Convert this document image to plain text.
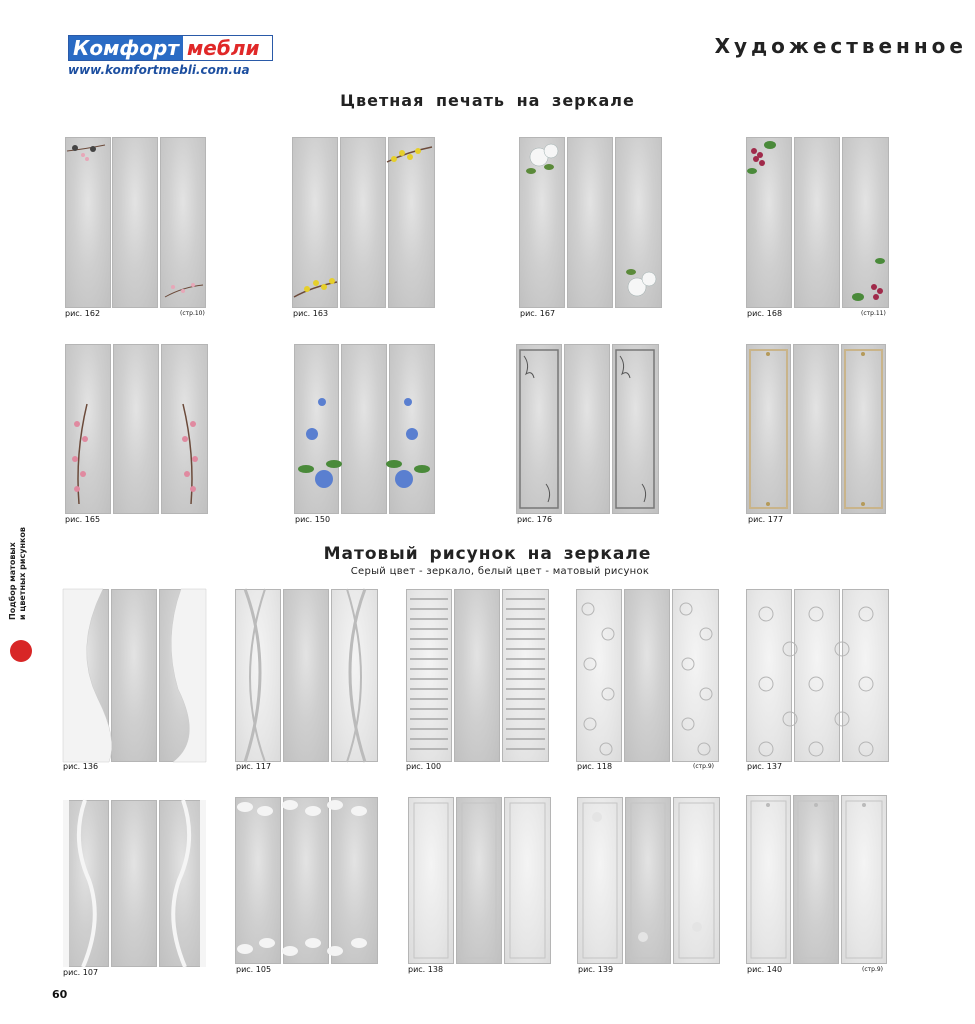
Комфорт мебли
www.komfortmebli.com.ua
Художественное
Цветная печать на зеркале
Матовый рисунок на зеркале
Серый цвет - зеркало, белый цвет - матовый рисунок
Подбор матовых и цветных рисунков
60
рис. 162	(стр.10)	рис. 163	рис. 167	рис. 168	(стр.11)
рис. 165	рис. 150	рис. 176	рис. 177
рис. 136	рис. 117	рис. 100	рис. 118	(стр.9)	рис. 137
рис. 107	рис. 105	рис. 138	рис. 139	рис. 140	(стр.9)
